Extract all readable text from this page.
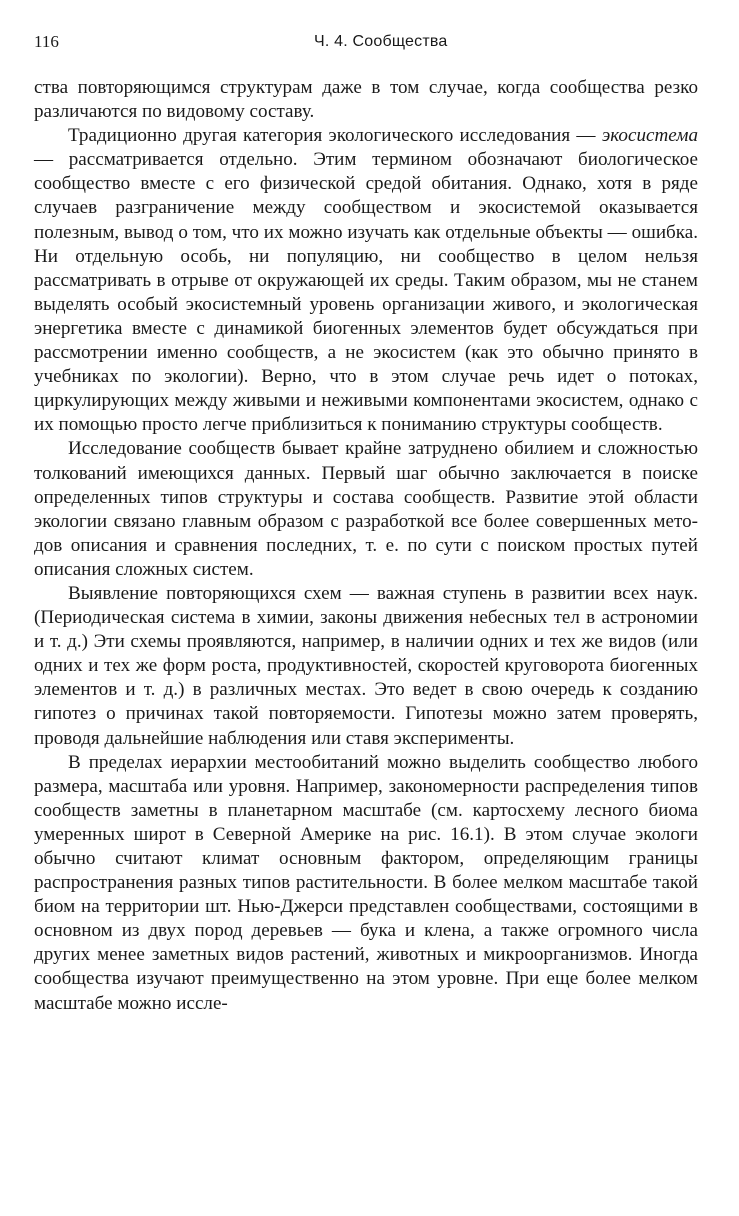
116	Ч. 4. Сообщества

ства повторяющимся структурам даже в том случае, когда сообщества резко различаются по видовому составу.

Традиционно другая категория экологического исследования — экосистема — рассматривается отдельно. Этим термином обозначают биологическое сообщество вместе с его физической средой обитания. Однако, хотя в ряде случаев разграничение между сообществом и экосистемой оказывается полезным, вывод о том, что их можно изучать как отдельные объекты — ошибка. Ни отдельную особь, ни популяцию, ни сообщество в целом нельзя рассматривать в отрыве от окружающей их среды. Таким образом, мы не станем выделять особый экосистемный уровень организации живого, и экологическая энергетика вместе с динамикой биогенных элементов будет обсуждаться при рассмотрении именно сообществ, а не экосистем (как это обычно принято в учебниках по экологии). Верно, что в этом случае речь идет о потоках, циркулирующих между живыми и неживыми компонентами экосистем, однако с их помощью просто легче приблизиться к пониманию структуры сообществ.

Исследование сообществ бывает крайне затруднено обилием и сложностью толкований имеющихся данных. Первый шаг обычно заключается в поиске определенных типов структуры и состава сообществ. Развитие этой области экологии связано главным образом с разработкой все более совершенных методов описания и сравнения последних, т. е. по сути с поиском простых путей описания сложных систем.

Выявление повторяющихся схем — важная ступень в развитии всех наук. (Периодическая система в химии, законы движения небесных тел в астрономии и т. д.) Эти схемы проявляются, например, в наличии одних и тех же видов (или одних и тех же форм роста, продуктивностей, скоростей круговорота биогенных элементов и т. д.) в различных местах. Это ведет в свою очередь к созданию гипотез о причинах такой повторяемости. Гипотезы можно затем проверять, проводя дальнейшие наблюдения или ставя эксперименты.

В пределах иерархии местообитаний можно выделить сообщество любого размера, масштаба или уровня. Например, закономерности распределения типов сообществ заметны в планетарном масштабе (см. картосхему лесного биома умеренных широт в Северной Америке на рис. 16.1). В этом случае экологи обычно считают климат основным фактором, определяющим границы распространения разных типов растительности. В более мелком масштабе такой биом на территории шт. Нью-Джерси представлен сообществами, состоящими в основном из двух пород деревьев — бука и клена, а также огромного числа других менее заметных видов растений, животных и микроорганизмов. Иногда сообщества изучают преимущественно на этом уровне. При еще более мелком масштабе можно иссле-
